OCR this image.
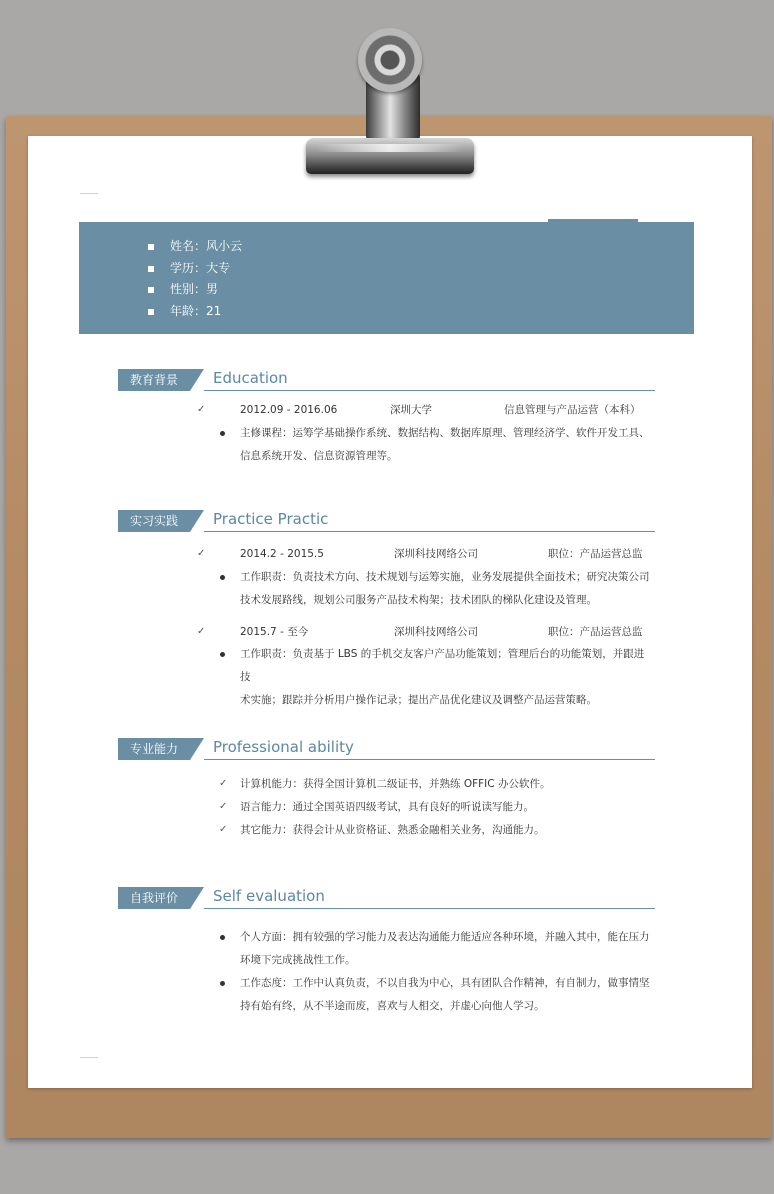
姓名：风小云
学历：大专
性别：男
年龄：21
教育背景	Education
✓	2012.09 - 2016.06	深圳大学	信息管理与产品运营（本科）
主修课程：运筹学基础操作系统、数据结构、数据库原理、管理经济学、软件开发工具、
信息系统开发、信息资源管理等。
实习实践	Practice Practic
✓	2014.2 - 2015.5	深圳科技网络公司	职位：产品运营总监
工作职责：负责技术方向、技术规划与运筹实施，业务发展提供全面技术；研究决策公司
技术发展路线，规划公司服务产品技术构架；技术团队的梯队化建设及管理。
✓	2015.7 - 至今	深圳科技网络公司	职位：产品运营总监
工作职责：负责基于 LBS 的手机交友客户产品功能策划；管理后台的功能策划，并跟进技
术实施；跟踪并分析用户操作记录；提出产品优化建议及调整产品运营策略。
专业能力	Professional ability
✓ 计算机能力：获得全国计算机二级证书，并熟练 OFFIC 办公软件。
✓ 语言能力：通过全国英语四级考试，具有良好的听说读写能力。
✓ 其它能力：获得会计从业资格证、熟悉金融相关业务，沟通能力。
自我评价	Self evaluation
个人方面：拥有较强的学习能力及表达沟通能力能适应各种环境，并融入其中，能在压力
环境下完成挑战性工作。
工作态度：工作中认真负责，不以自我为中心，具有团队合作精神，有自制力，做事情坚
持有始有终，从不半途而废，喜欢与人相交，并虚心向他人学习。
